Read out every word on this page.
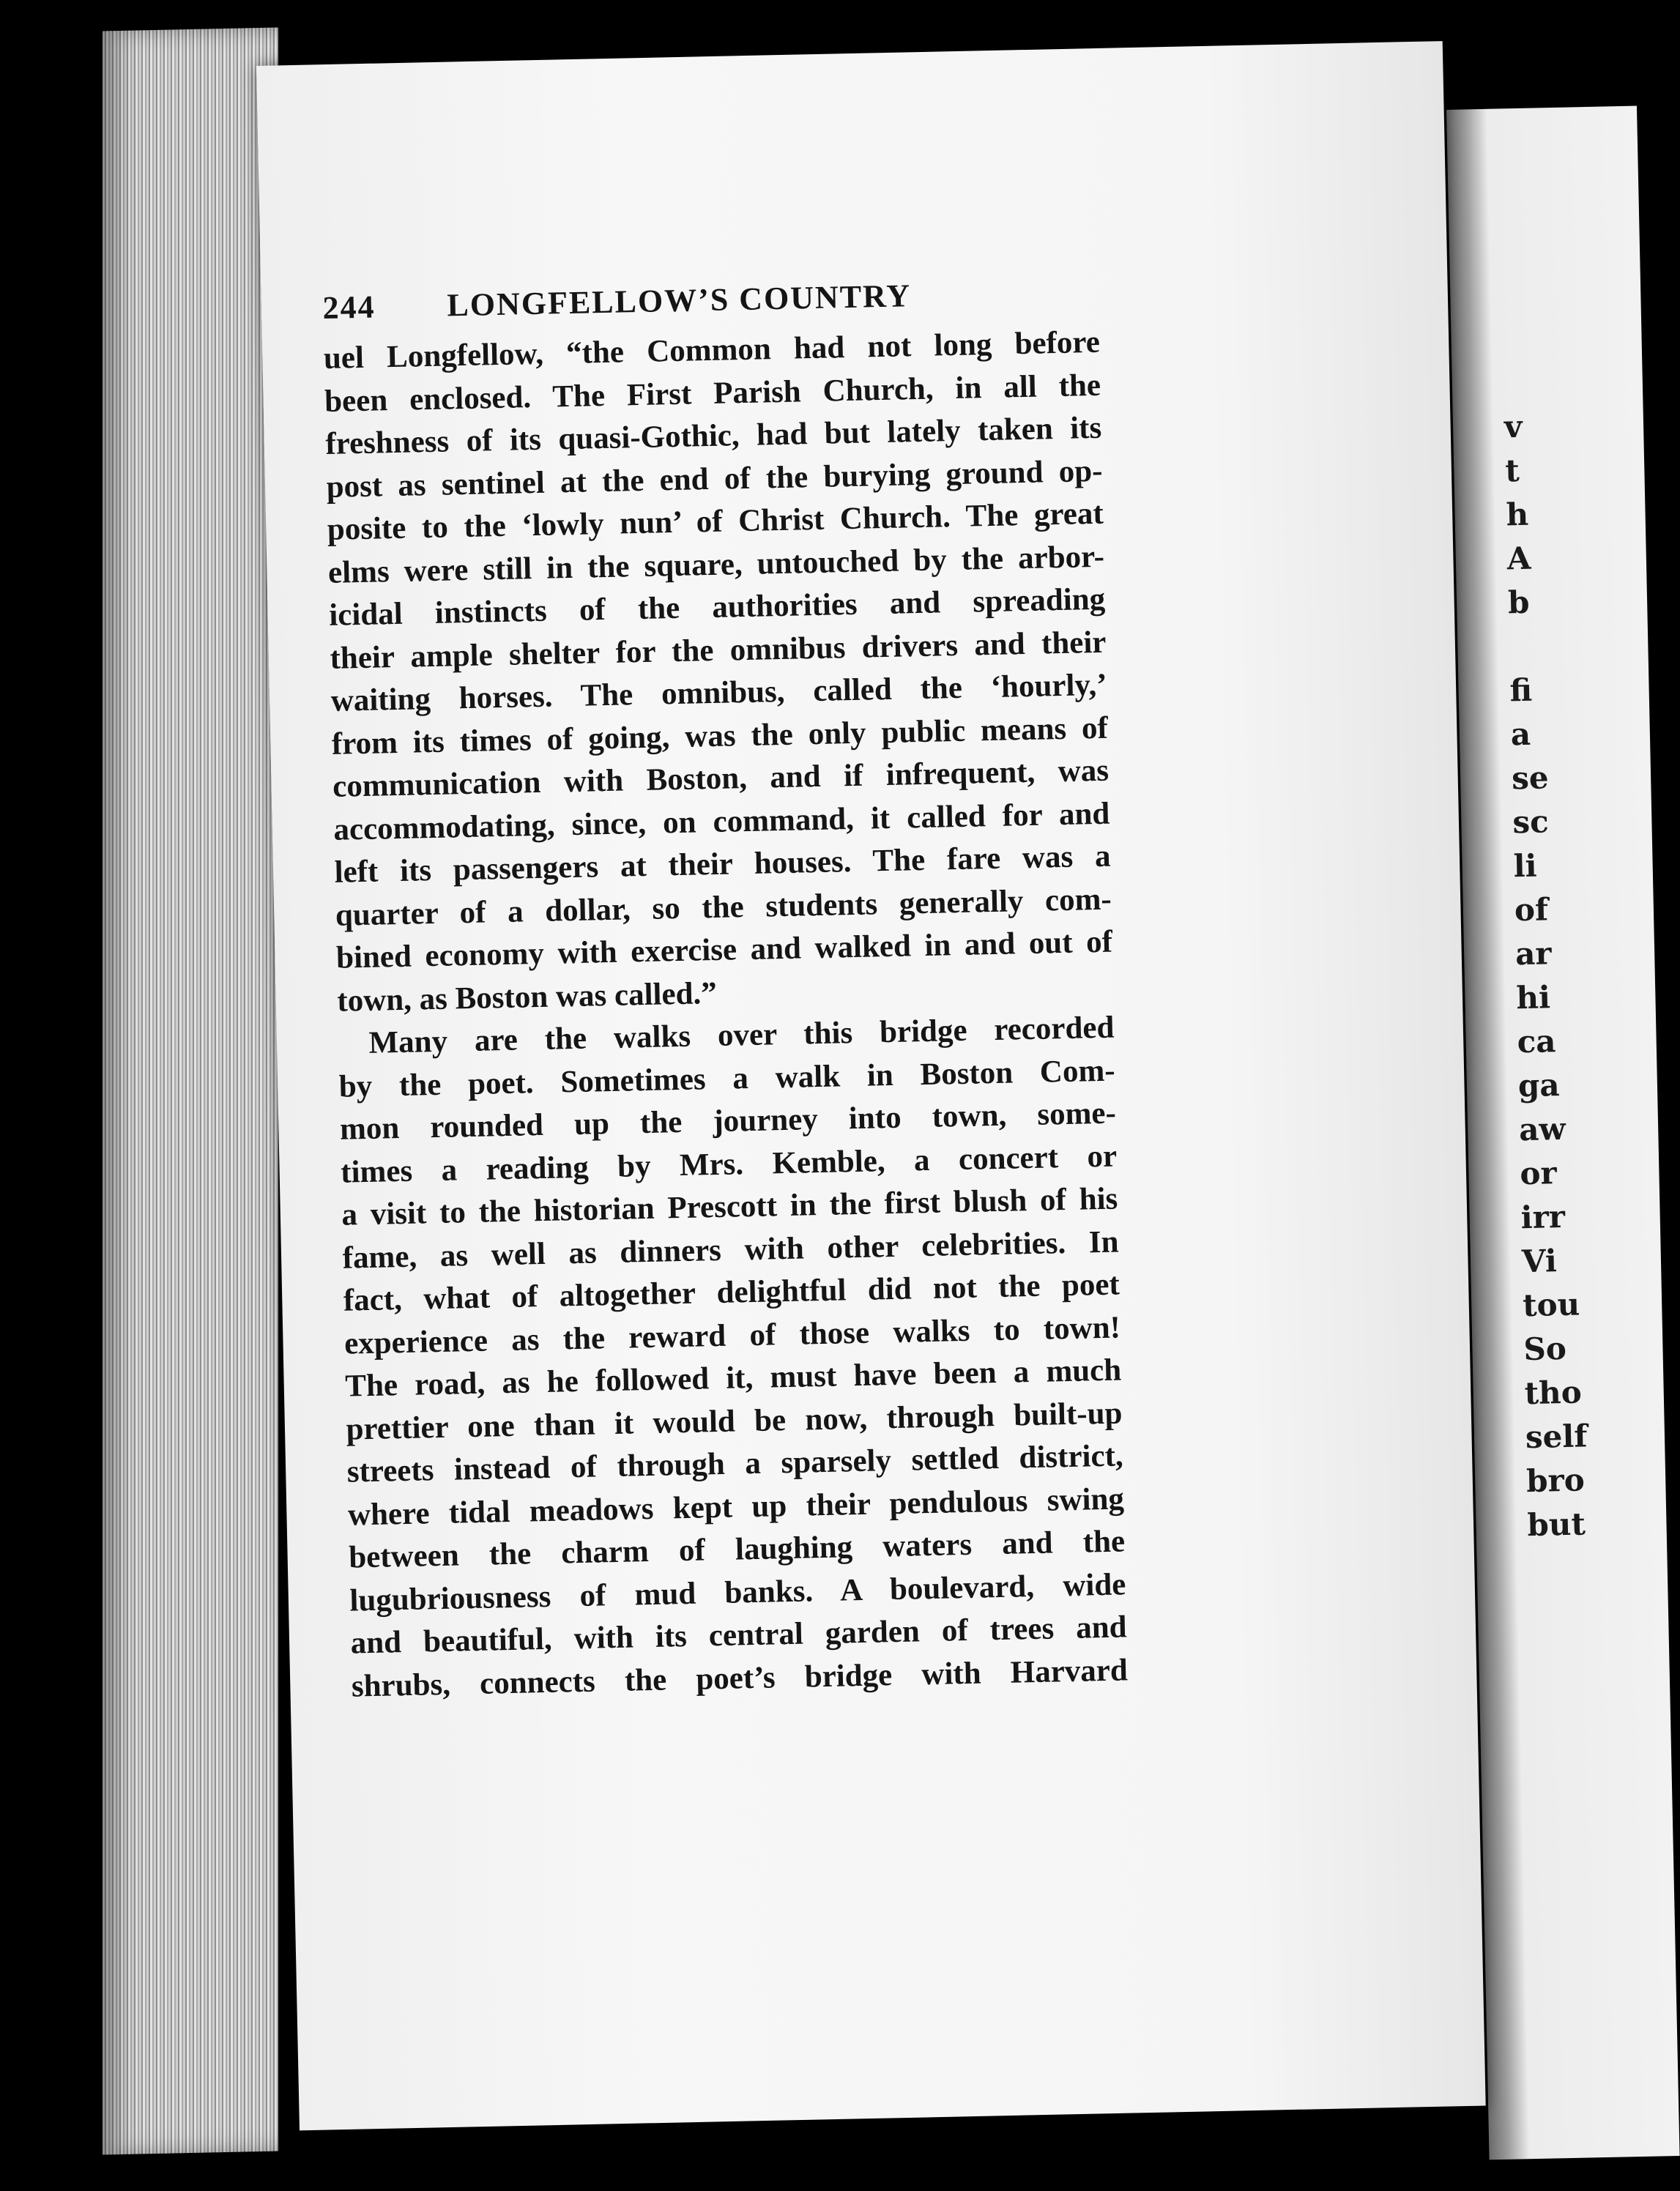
v
t
h
A
b
fi
a
se
sc
li
of
ar
hi
ca
ga
aw
or
irr
Vi
tou
So
tho
self
bro
but
244 LONGFELLOW’S COUNTRY
uel Longfellow, “the Common had not long before
been enclosed. The First Parish Church, in all the
freshness of its quasi-Gothic, had but lately taken its
post as sentinel at the end of the burying ground op-
posite to the ‘lowly nun’ of Christ Church. The great
elms were still in the square, untouched by the arbor-
icidal instincts of the authorities and spreading
their ample shelter for the omnibus drivers and their
waiting horses. The omnibus, called the ‘hourly,’
from its times of going, was the only public means of
communication with Boston, and if infrequent, was
accommodating, since, on command, it called for and
left its passengers at their houses. The fare was a
quarter of a dollar, so the students generally com-
bined economy with exercise and walked in and out of
town, as Boston was called.”
Many are the walks over this bridge recorded
by the poet. Sometimes a walk in Boston Com-
mon rounded up the journey into town, some-
times a reading by Mrs. Kemble, a concert or
a visit to the historian Prescott in the first blush of his
fame, as well as dinners with other celebrities. In
fact, what of altogether delightful did not the poet
experience as the reward of those walks to town!
The road, as he followed it, must have been a much
prettier one than it would be now, through built-up
streets instead of through a sparsely settled district,
where tidal meadows kept up their pendulous swing
between the charm of laughing waters and the
lugubriousness of mud banks. A boulevard, wide
and beautiful, with its central garden of trees and
shrubs, connects the poet’s bridge with Harvard
